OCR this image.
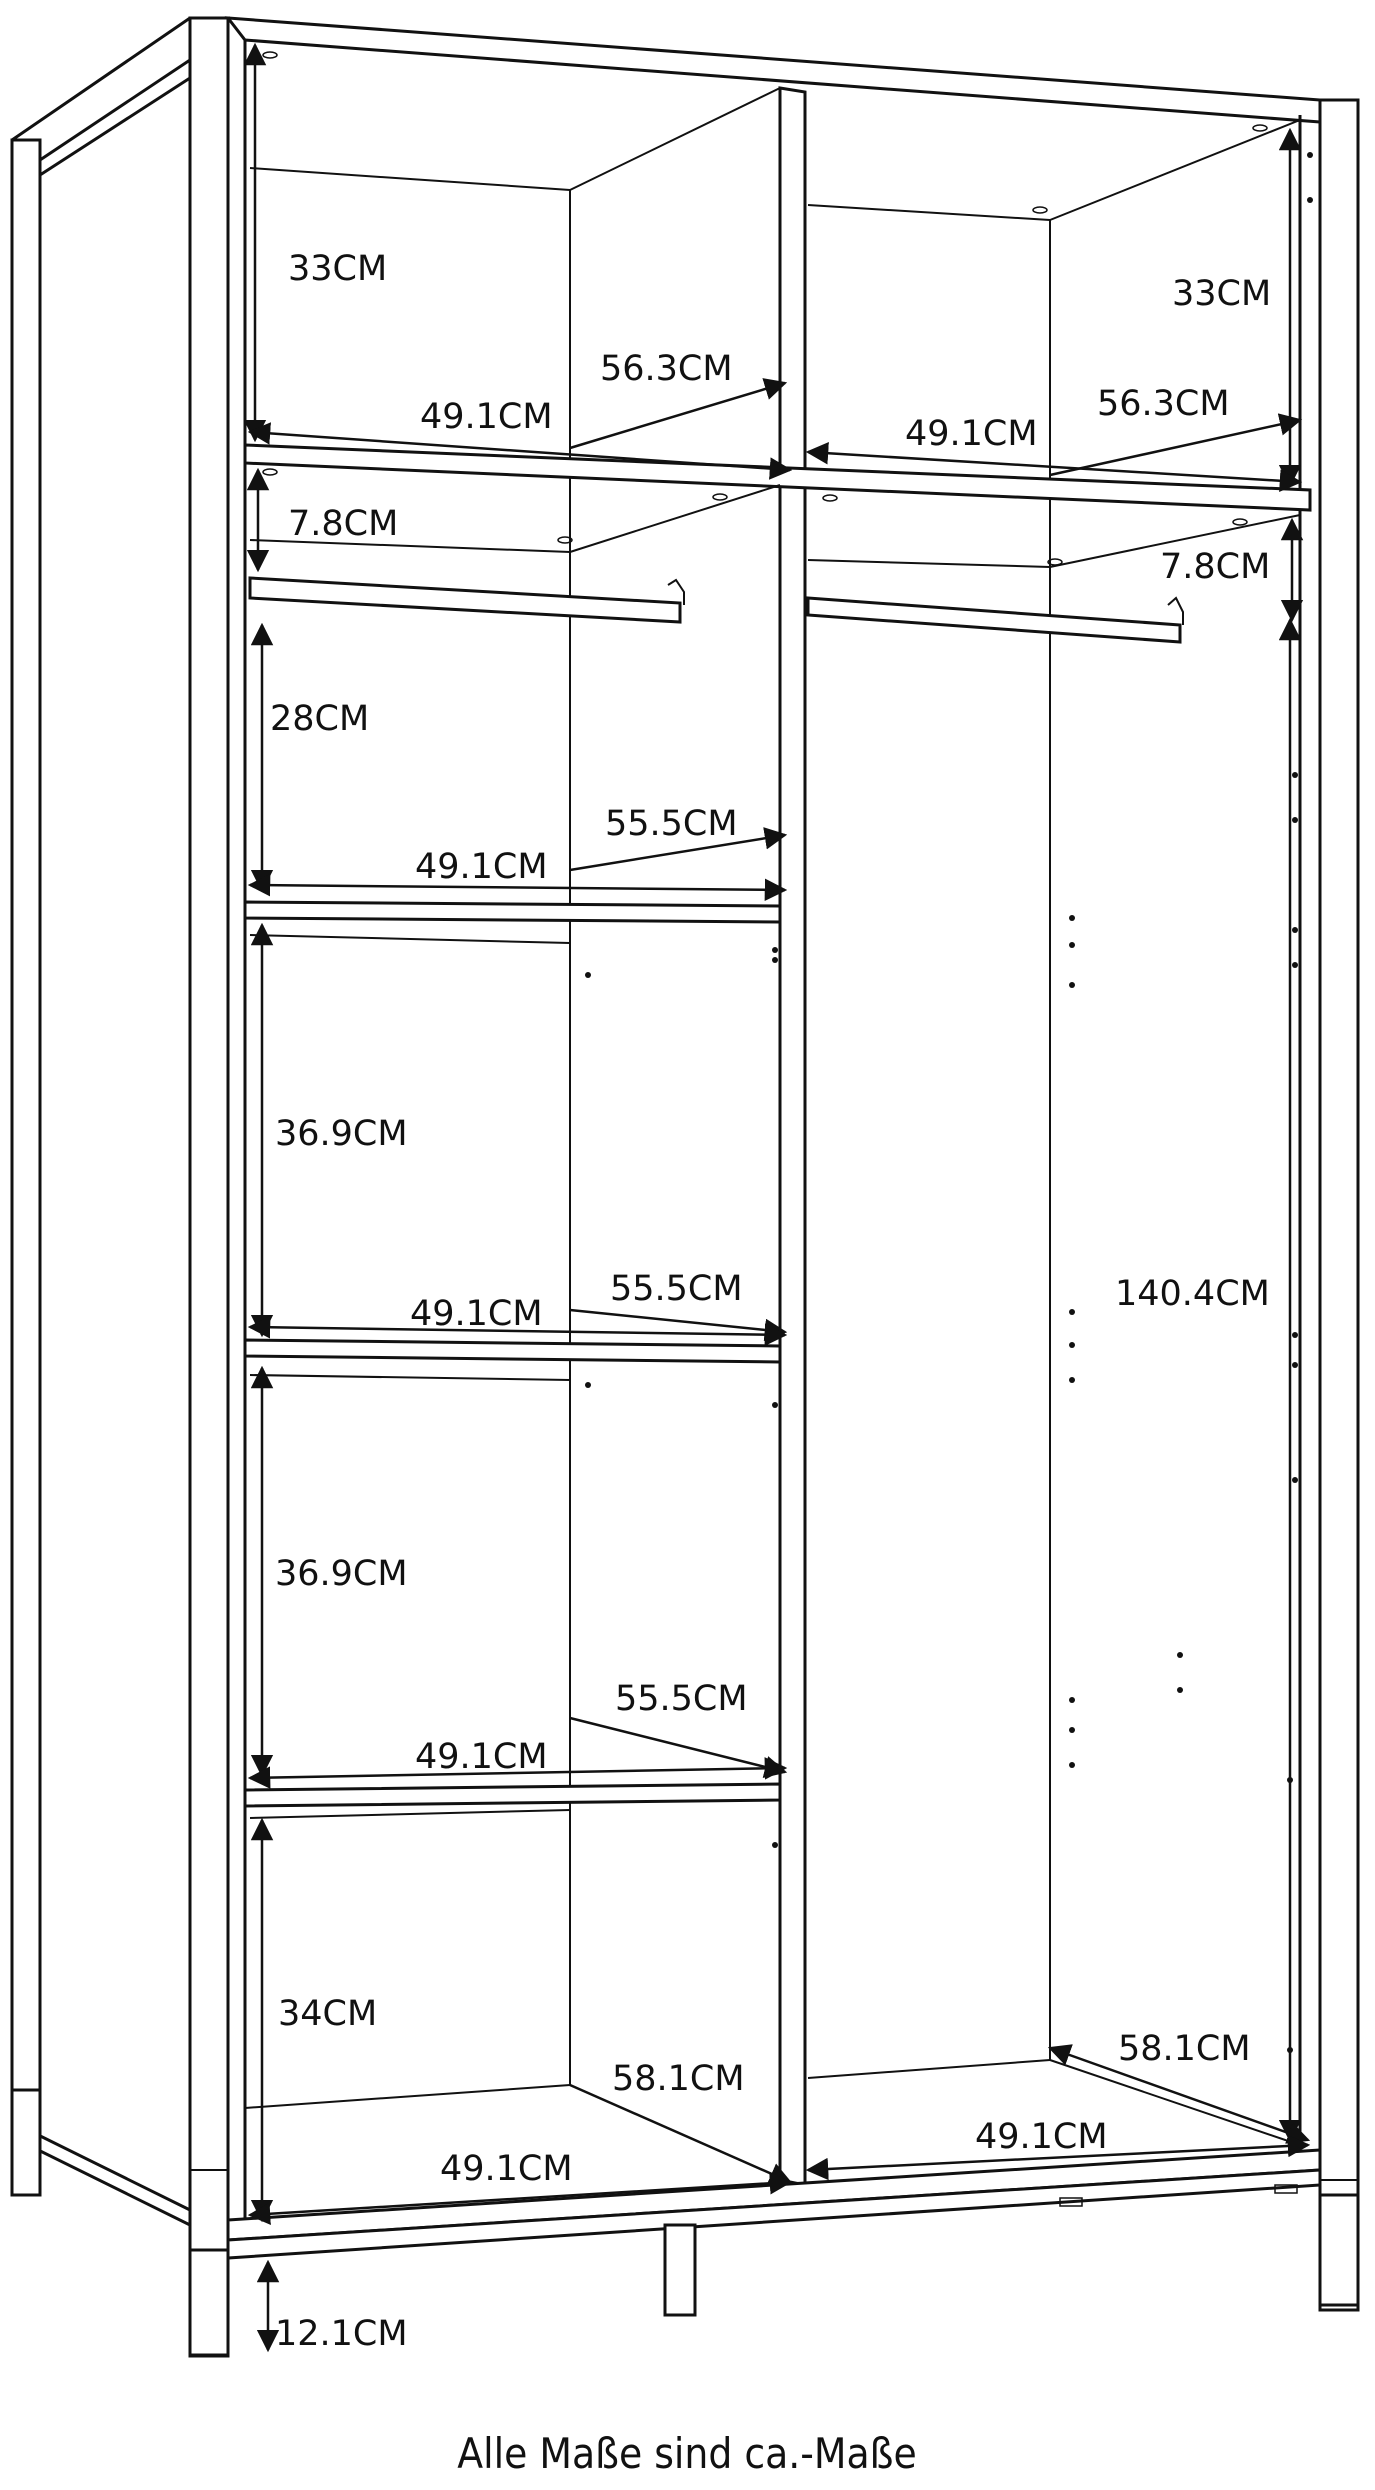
33CM
33CM
56.3CM
56.3CM
49.1CM	49.1CM
7.8CM
7.8CM
28CM
55.5CM
49.1CM
36.9CM
55.5CM
49.1CM
36.9CM
55.5CM
49.1CM
34CM
58.1CM
49.1CM
140.4CM
58.1CM
49.1CM
12.1CM
Alle Maße sind ca.-Maße
